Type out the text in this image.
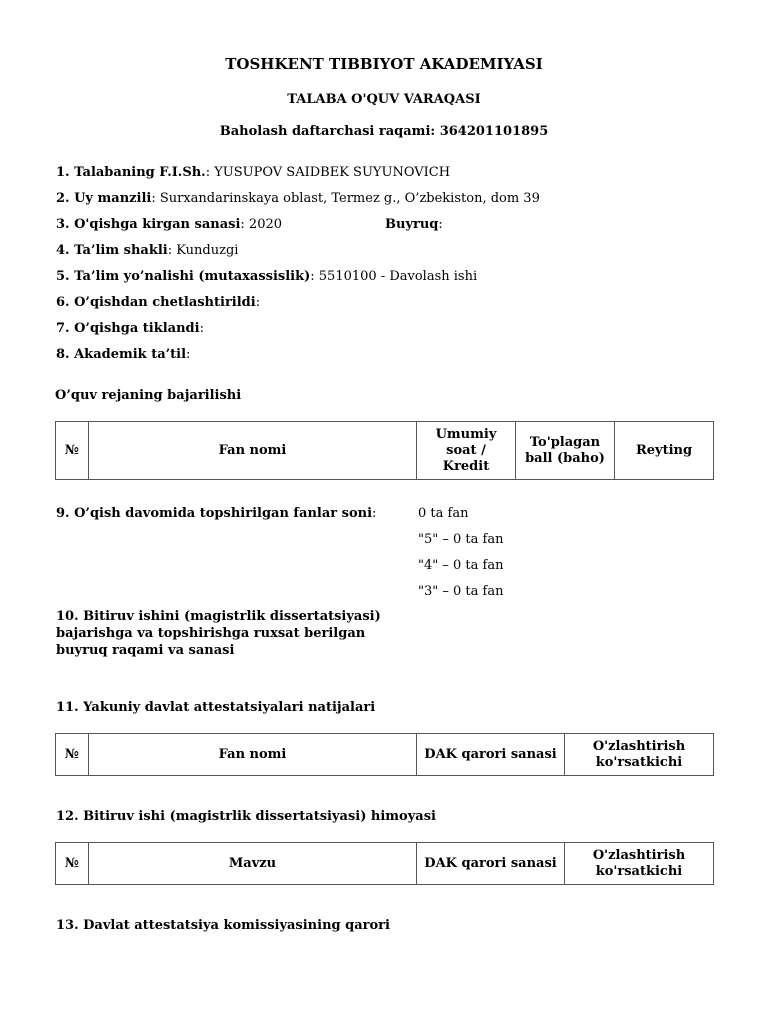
TOSHKENT TIBBIYOT AKADEMIYASI
TALABA O'QUV VARAQASI
Baholash daftarchasi raqami: 364201101895
1. Talabaning F.I.Sh.: YUSUPOV SAIDBEK SUYUNOVICH
2. Uy manzili: Surxandarinskaya oblast, Termez g., O’zbekiston, dom 39
3. O'qishga kirgan sanasi: 2020	Buyruq:
4. Ta’lim shakli: Kunduzgi
5. Ta’lim yo’nalishi (mutaxassislik): 5510100 - Davolash ishi
6. O’qishdan chetlashtirildi:
7. O’qishga tiklandi:
8. Akademik ta’til:
O’quv rejaning bajarilishi
№	Fan nomi	Umumiy soat / Kredit	To'plagan ball (baho)	Reyting
9. O’qish davomida topshirilgan fanlar soni:	0 ta fan
"5" – 0 ta fan
"4" – 0 ta fan
"3" – 0 ta fan
10. Bitiruv ishini (magistrlik dissertatsiyasi)
bajarishga va topshirishga ruxsat berilgan
buyruq raqami va sanasi
11. Yakuniy davlat attestatsiyalari natijalari
№	Fan nomi	DAK qarori sanasi	O'zlashtirish ko'rsatkichi
12. Bitiruv ishi (magistrlik dissertatsiyasi) himoyasi
№	Mavzu	DAK qarori sanasi	O'zlashtirish ko'rsatkichi
13. Davlat attestatsiya komissiyasining qarori
